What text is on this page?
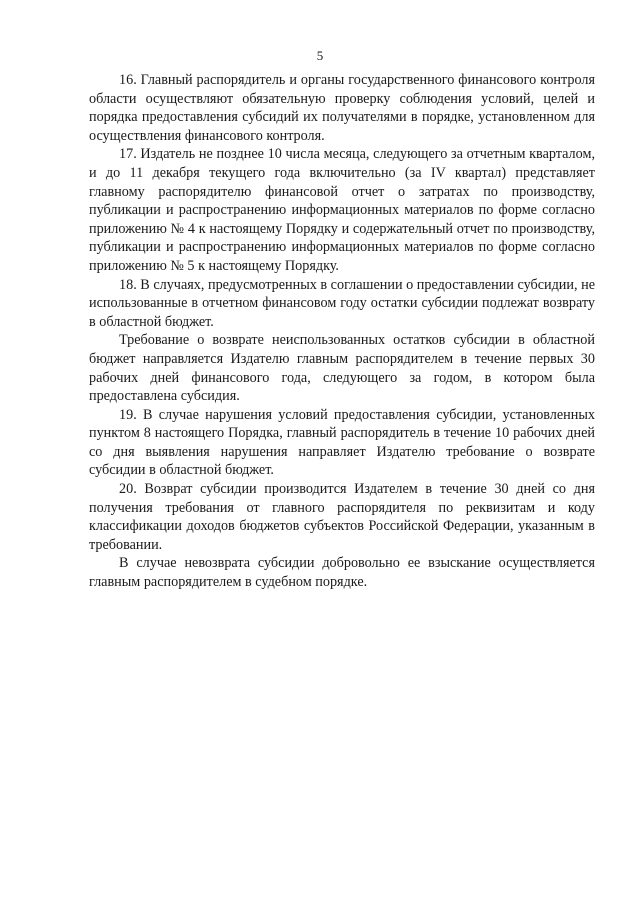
5

16. Главный распорядитель и органы государственного финансового контроля области осуществляют обязательную проверку соблюдения условий, целей и порядка предоставления субсидий их получателями в порядке, установленном для осуществления финансового контроля.

17. Издатель не позднее 10 числа месяца, следующего за отчетным кварталом, и до 11 декабря текущего года включительно (за IV квартал) представляет главному распорядителю финансовой отчет о затратах по производству, публикации и распространению информационных материалов по форме согласно приложению № 4 к настоящему Порядку и содержательный отчет по производству, публикации и распространению информационных материалов по форме согласно приложению № 5 к настоящему Порядку.

18. В случаях, предусмотренных в соглашении о предоставлении субсидии, не использованные в отчетном финансовом году остатки субсидии подлежат возврату в областной бюджет.

Требование о возврате неиспользованных остатков субсидии в областной бюджет направляется Издателю главным распорядителем в течение первых 30 рабочих дней финансового года, следующего за годом, в котором была предоставлена субсидия.

19. В случае нарушения условий предоставления субсидии, установленных пунктом 8 настоящего Порядка, главный распорядитель в течение 10 рабочих дней со дня выявления нарушения направляет Издателю требование о возврате субсидии в областной бюджет.

20. Возврат субсидии производится Издателем в течение 30 дней со дня получения требования от главного распорядителя по реквизитам и коду классификации доходов бюджетов субъектов Российской Федерации, указанным в требовании.

В случае невозврата субсидии добровольно ее взыскание осуществляется главным распорядителем в судебном порядке.
